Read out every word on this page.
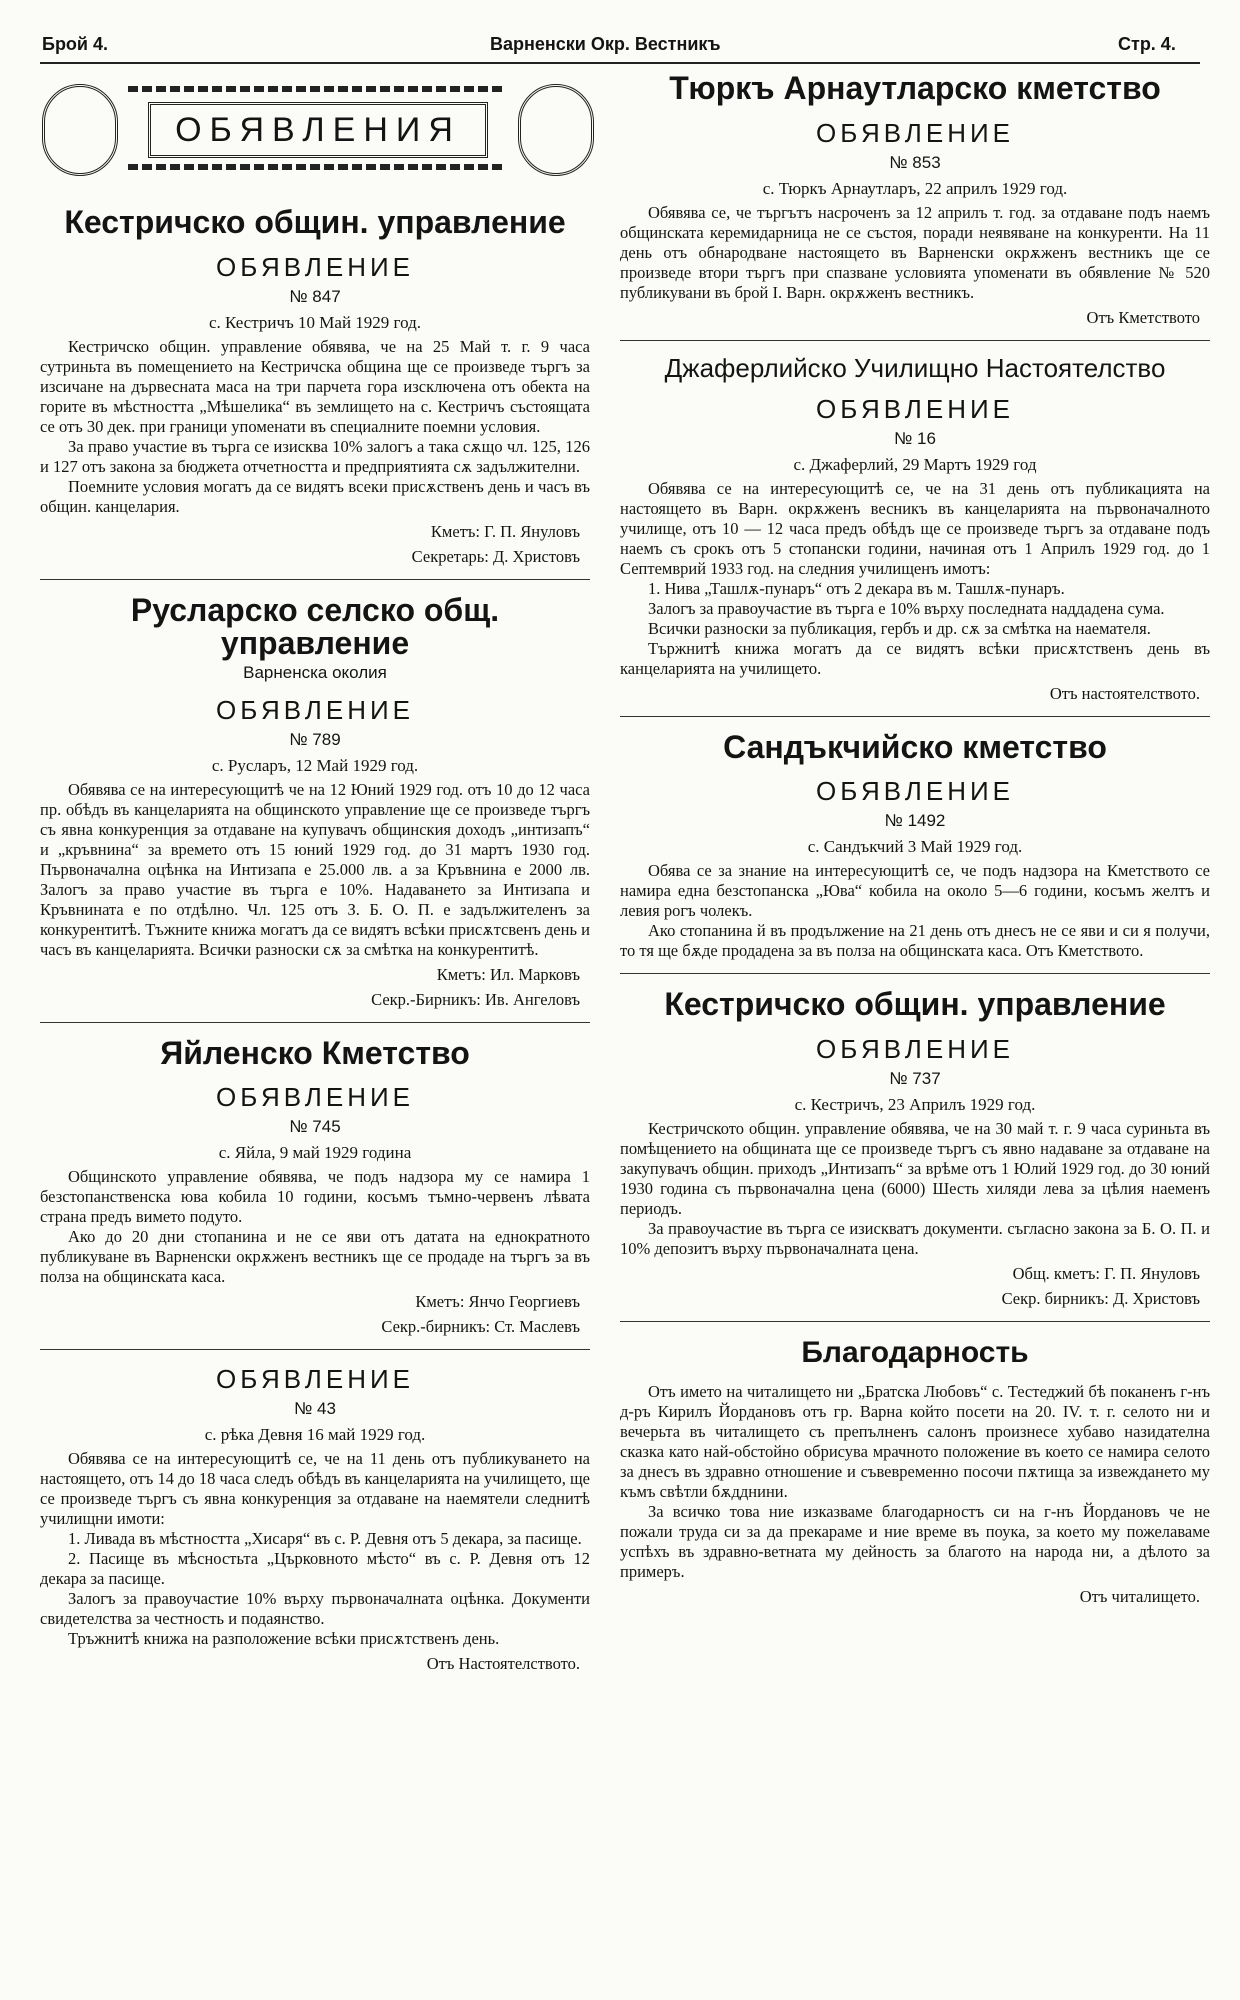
Брой 4.	Варненски Окр. Вестникъ	Стр. 4.
ОБЯВЛЕНИЯ
Кестричско общин. управление
ОБЯВЛЕНИЕ
№ 847
с. Кестричъ 10 Май 1929 год.

Кестричско общин. управление обявява, че на 25 Май т. г. 9 часа сутриньта въ помещението на Кестричска община ще се произведе търгъ за изсичане на дървесната маса на три парчета гора изсключена отъ обекта на горите въ мѣстността „Мѣшелика“ въ землището на с. Кестричъ състоящата се отъ 30 дек. при граници упоменати въ специалните поемни условия.

За право участие въ търга се изисква 10% залогъ а така сѫщо чл. 125, 126 и 127 отъ закона за бюджета отчетността и предприятията сѫ задължителни.

Поемните условия могатъ да се видятъ всеки присѫственъ день и часъ въ общин. канцелария.

Кметъ: Г. П. Януловъ
Секретарь: Д. Христовъ
Русларско селско общ. управление
Варненска околия
ОБЯВЛЕНИЕ
№ 789
с. Русларъ, 12 Май 1929 год.

Обявява се на интересующитѣ че на 12 Юний 1929 год. отъ 10 до 12 часа пр. обѣдъ въ канцеларията на общинското управление ще се произведе търгъ съ явна конкуренция за отдаване на купувачъ общинския доходъ „интизапъ“ и „кръвнина“ за времето отъ 15 юний 1929 год. до 31 мартъ 1930 год. Първоначална оцѣнка на Интизапа е 25.000 лв. а за Кръвнина е 2000 лв. Залогъ за право участие въ търга е 10%. Надаването за Интизапа и Кръвнината е по отдѣлно. Чл. 125 отъ З. Б. О. П. е задължителенъ за конкурентитѣ. Тъжните книжа могатъ да се видятъ всѣки присѫтсвенъ день и часъ въ канцеларията. Всички разноски сѫ за смѣтка на конкурентитѣ.

Кметъ: Ил. Марковъ
Секр.-Бирникъ: Ив. Ангеловъ
Яйленско Кметство
ОБЯВЛЕНИЕ
№ 745
с. Яйла, 9 май 1929 година

Общинското управление обявява, че подъ надзора му се намира 1 безстопанственска юва кобила 10 години, косъмъ тъмно-червенъ лѣвата страна предъ вимето подуто.

Ако до 20 дни стопанина и не се яви отъ датата на еднократното публикуване въ Варненски окрѫженъ вестникъ ще се продаде на търгъ за въ полза на общинската каса.

Кметъ: Янчо Георгиевъ
Секр.-бирникъ: Ст. Маслевъ
ОБЯВЛЕНИЕ
№ 43
с. рѣка Девня 16 май 1929 год.

Обявява се на интересующитѣ се, че на 11 день отъ публикуването на настоящето, отъ 14 до 18 часа следъ обѣдъ въ канцеларията на училището, ще се произведе търгъ съ явна конкуренция за отдаване на наемятели следнитѣ училищни имоти:

1. Ливада въ мѣстността „Хисаря“ въ с. Р. Девня отъ 5 декара, за пасище.

2. Пасище въ мѣсностьта „Църковното мѣсто“ въ с. Р. Девня отъ 12 декара за пасище.

Залогъ за правоучастие 10% върху първоначалната оцѣнка. Документи свидетелства за честность и подаянство.

Тръжнитѣ книжа на разположение всѣки присѫтственъ день.

Отъ Настоятелството.
Тюркъ Арнаутларско кметство
ОБЯВЛЕНИЕ
№ 853
с. Тюркъ Арнаутларъ, 22 априлъ 1929 год.

Обявява се, че търгътъ насроченъ за 12 априлъ т. год. за отдаване подъ наемъ общинската керемидарница не се състоя, поради неявяване на конкуренти. На 11 день отъ обнародване настоящето въ Варненски окрѫженъ вестникъ ще се произведе втори търгъ при спазване условията упоменати въ обявление № 520 публикувани въ брой I. Варн. окрѫженъ вестникъ.

Отъ Кметството
Джаферлийско Училищно Настоятелство
ОБЯВЛЕНИЕ
№ 16
с. Джаферлий, 29 Мартъ 1929 год

Обявява се на интересующитѣ се, че на 31 день отъ публикацията на настоящето въ Варн. окрѫженъ весникъ въ канцеларията на първоначалното училище, отъ 10 — 12 часа предъ обѣдъ ще се произведе търгъ за отдаване подъ наемъ съ срокъ отъ 5 стопански години, начиная отъ 1 Априлъ 1929 год. до 1 Септемврий 1933 год. на следния училищенъ имотъ:

1. Нива „Ташлѫ-пунаръ“ отъ 2 декара въ м. Ташлѫ-пунаръ.

Залогъ за правоучастие въ търга е 10% върху последната наддадена сума.

Всички разноски за публикация, гербъ и др. сѫ за смѣтка на наемателя.

Тържнитѣ книжа могатъ да се видятъ всѣки присѫтственъ день въ канцеларията на училището.

Отъ настоятелството.
Сандъкчийско кметство
ОБЯВЛЕНИЕ
№ 1492
с. Сандъкчий 3 Май 1929 год.

Обява се за знание на интересующитѣ се, че подъ надзора на Кметството се намира една безстопанска „Юва“ кобила на около 5—6 години, косъмъ желтъ и левия рогъ чолекъ.

Ако стопанина й въ продължение на 21 день отъ днесъ не се яви и си я получи, то тя ще бѫде продадена за въ полза на общинската каса. Отъ Кметството.

Кестричско общин. управление
ОБЯВЛЕНИЕ
№ 737
с. Кестричъ, 23 Априлъ 1929 год.

Кестричското общин. управление обявява, че на 30 май т. г. 9 часа суриньта въ помѣщението на общината ще се произведе търгъ съ явно надаване за отдаване на закупувачъ общин. приходъ „Интизапъ“ за врѣме отъ 1 Юлий 1929 год. до 30 юний 1930 година съ първоначална цена (6000) Шесть хиляди лева за цѣлия наеменъ периодъ.

За правоучастие въ търга се изискватъ документи. съгласно закона за Б. О. П. и 10% депозитъ върху първоначалната цена.

Общ. кметъ: Г. П. Януловъ
Секр. бирникъ: Д. Христовъ
Благодарность

Отъ името на читалището ни „Братска Любовъ“ с. Тестеджий бѣ поканенъ г-нъ д-ръ Кирилъ Йордановъ отъ гр. Варна който посети на 20. IV. т. г. селото ни и вечерьта въ читалището съ препълненъ салонъ произнесе хубаво назидателна сказка като най-обстойно обрисува мрачното положение въ което се намира селото за днесъ въ здравно отношение и съвевременно посочи пѫтища за извеждането му къмъ свѣтли бѫдднини.

За всичко това ние изказваме благодарностъ си на г-нъ Йордановъ че не пожали труда си за да прекараме и ние време въ поука, за което му пожелаваме успѣхъ въ здравно-ветната му дейность за благото на народа ни, а дѣлото за примеръ.

Отъ читалището.
